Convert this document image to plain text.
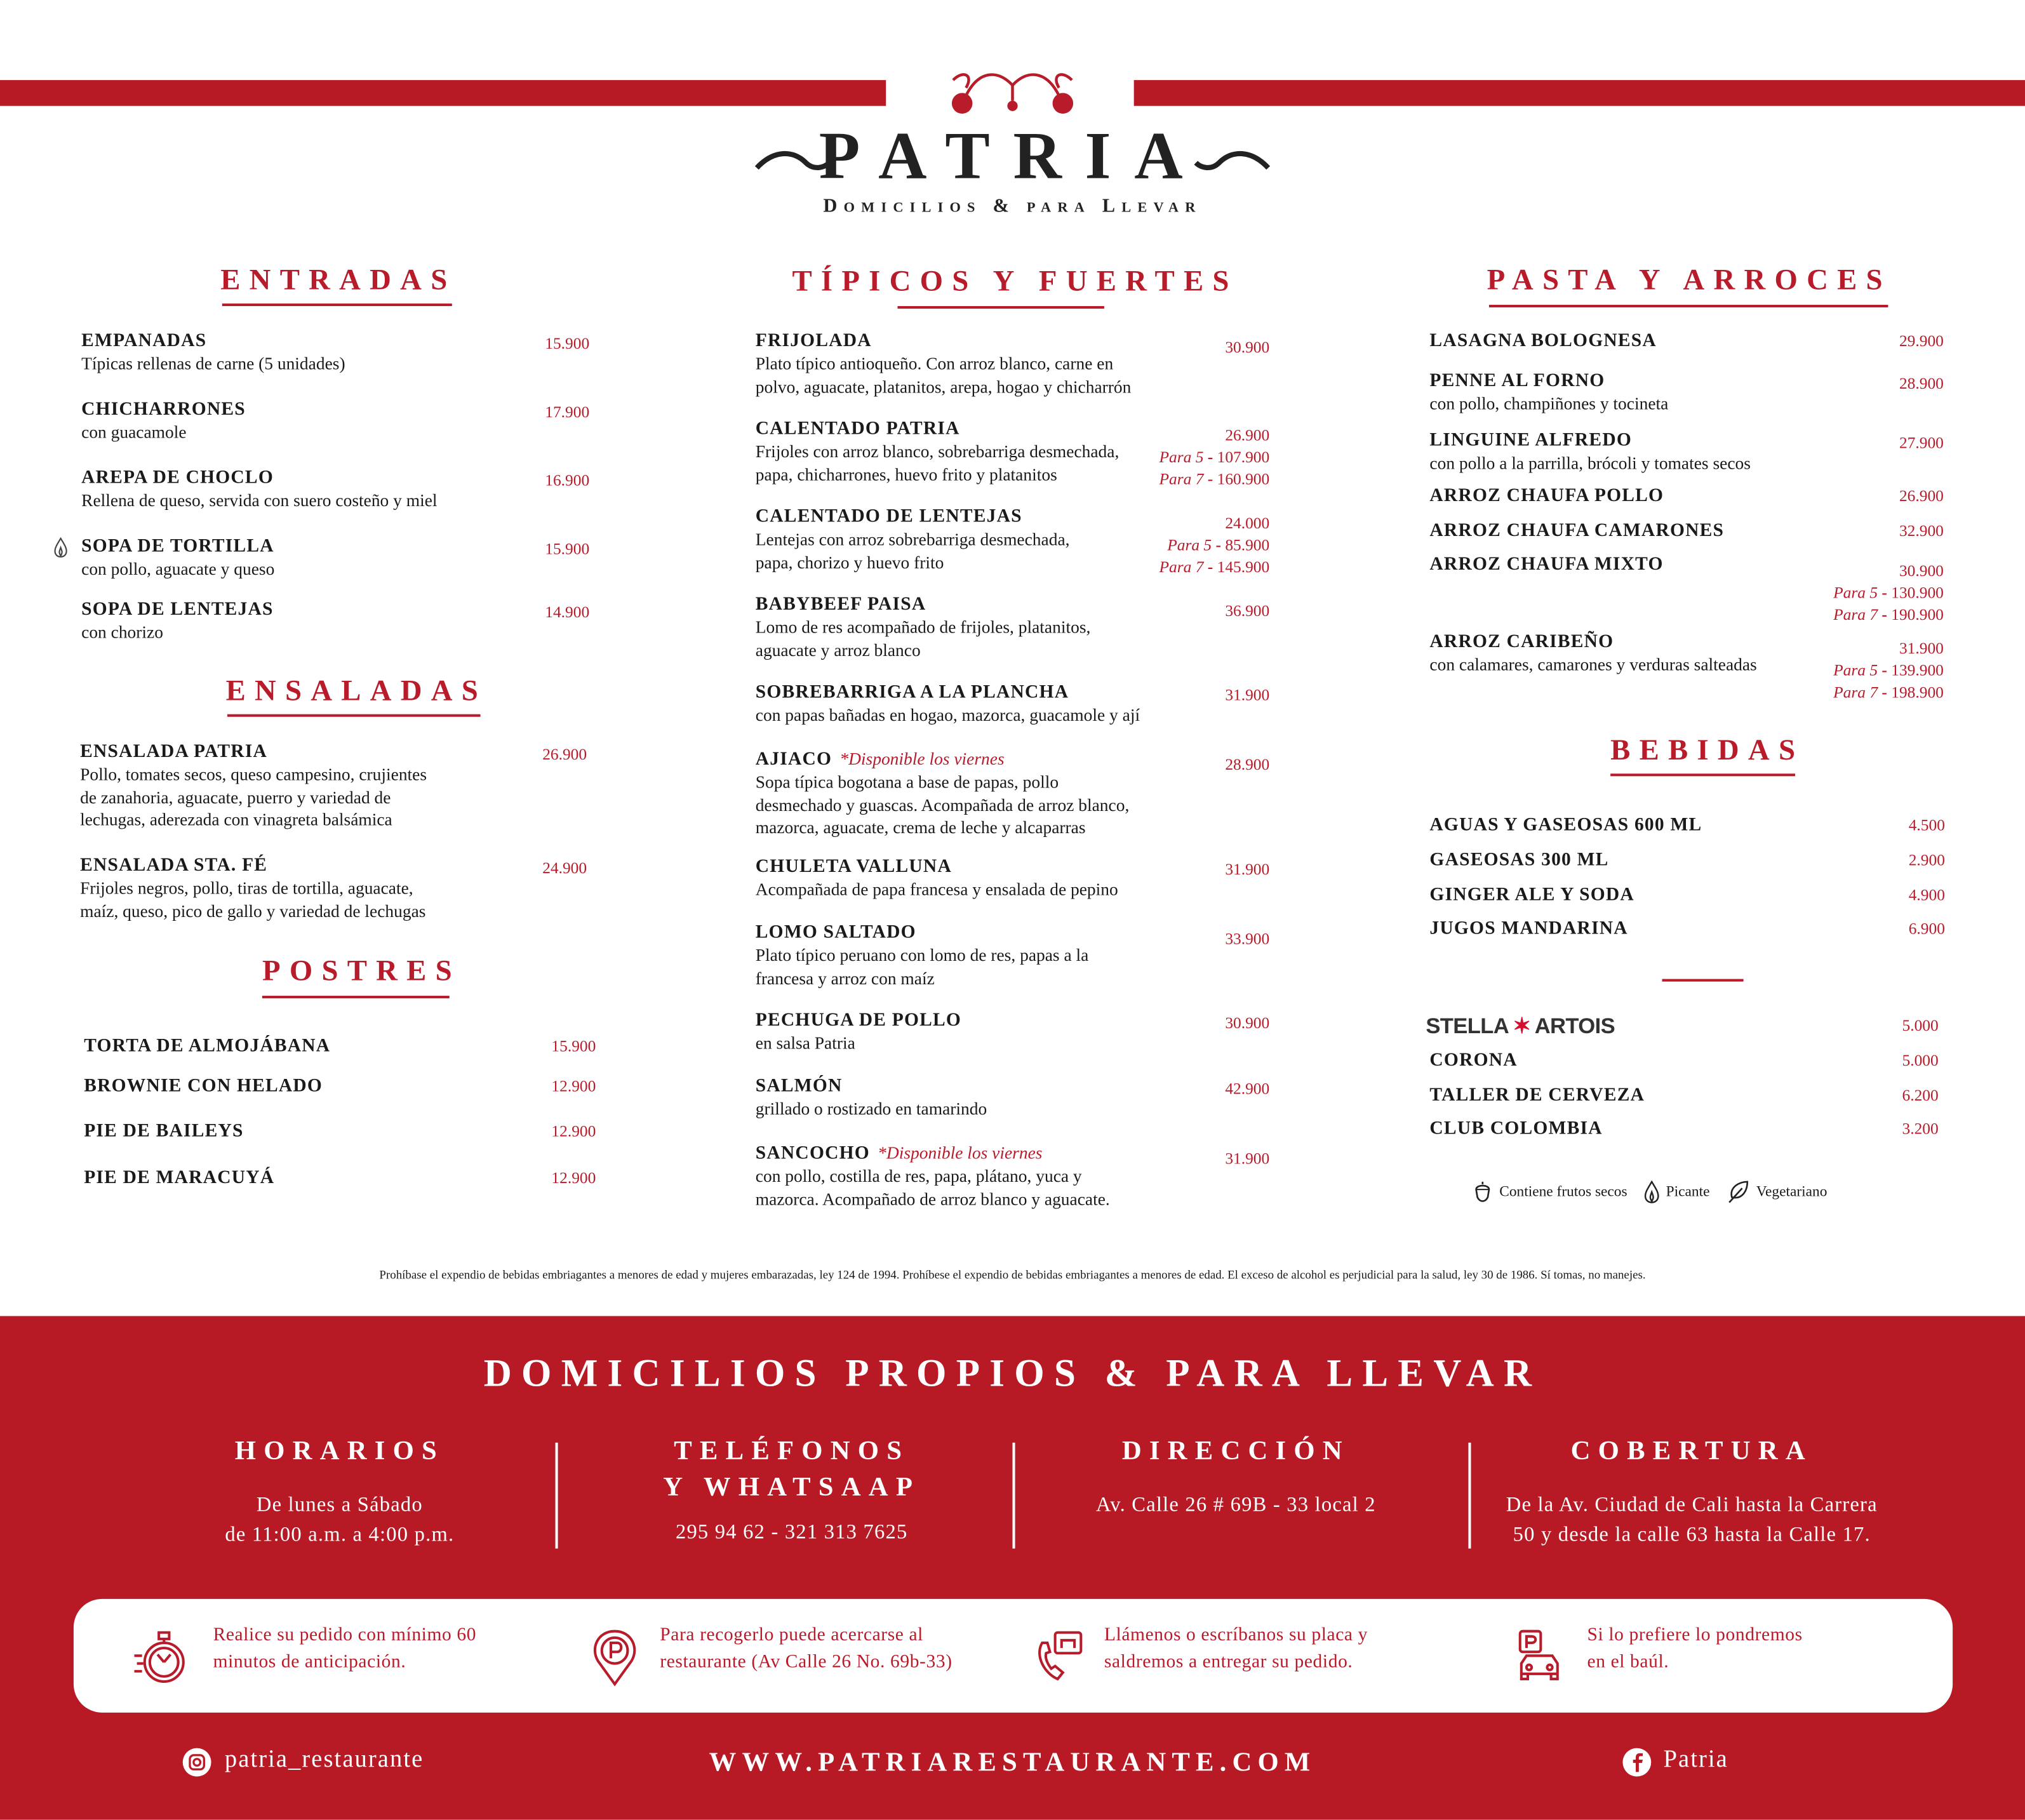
PATRIA
Domicilios & para Llevar
ENTRADAS
ENSALADAS
POSTRES
TÍPICOS Y FUERTES	PASTA Y ARROCES
BEBIDAS
EMPANADAS
Típicas rellenas de carne (5 unidades)
15.900
CHICHARRONES
con guacamole
17.900
AREPA DE CHOCLO
Rellena de queso, servida con suero costeño y miel
16.900
SOPA DE TORTILLA
con pollo, aguacate y queso
15.900
SOPA DE LENTEJAS
con chorizo
14.900
ENSALADA PATRIA
Pollo, tomates secos, queso campesino, crujientes
de zanahoria, aguacate, puerro y variedad de
lechugas, aderezada con vinagreta balsámica
26.900
ENSALADA STA. FÉ
Frijoles negros, pollo, tiras de tortilla, aguacate,
maíz, queso, pico de gallo y variedad de lechugas
24.900
TORTA DE ALMOJÁBANA	15.900
BROWNIE CON HELADO	12.900
PIE DE BAILEYS	12.900
PIE DE MARACUYÁ	12.900
FRIJOLADA
Plato típico antioqueño. Con arroz blanco, carne en
polvo, aguacate, platanitos, arepa, hogao y chicharrón
30.900
CALENTADO PATRIA
Frijoles con arroz blanco, sobrebarriga desmechada,
papa, chicharrones, huevo frito y platanitos
26.900
Para 5 - 107.900
Para 7 - 160.900
CALENTADO DE LENTEJAS
Lentejas con arroz sobrebarriga desmechada,
papa, chorizo y huevo frito
24.000
Para 5 - 85.900
Para 7 - 145.900
BABYBEEF PAISA
Lomo de res acompañado de frijoles, platanitos,
aguacate y arroz blanco
36.900
SOBREBARRIGA A LA PLANCHA
con papas bañadas en hogao, mazorca, guacamole y ají
31.900
AJIACO *Disponible los viernes
Sopa típica bogotana a base de papas, pollo
desmechado y guascas. Acompañada de arroz blanco,
mazorca, aguacate, crema de leche y alcaparras
28.900
CHULETA VALLUNA
Acompañada de papa francesa y ensalada de pepino
31.900
LOMO SALTADO
Plato típico peruano con lomo de res, papas a la
francesa y arroz con maíz
33.900
PECHUGA DE POLLO
en salsa Patria
30.900
SALMÓN
grillado o rostizado en tamarindo
42.900
SANCOCHO *Disponible los viernes
con pollo, costilla de res, papa, plátano, yuca y
mazorca. Acompañado de arroz blanco y aguacate.
31.900
LASAGNA BOLOGNESA	29.900
PENNE AL FORNO
con pollo, champiñones y tocineta
28.900
LINGUINE ALFREDO
con pollo a la parrilla, brócoli y tomates secos
27.900
ARROZ CHAUFA POLLO	26.900
ARROZ CHAUFA CAMARONES	32.900
ARROZ CHAUFA MIXTO	30.900
Para 5 - 130.900
Para 7 - 190.900
ARROZ CARIBEÑO
con calamares, camarones y verduras salteadas
31.900
Para 5 - 139.900
Para 7 - 198.900
AGUAS Y GASEOSAS 600 ML	4.500
GASEOSAS 300 ML	2.900
GINGER ALE Y SODA	4.900
JUGOS MANDARINA	6.900
STELLA ✶ ARTOIS	5.000
CORONA	5.000
TALLER DE CERVEZA	6.200
CLUB COLOMBIA	3.200
Contiene frutos secos	Picante	Vegetariano
Prohíbase el expendio de bebidas embriagantes a menores de edad y mujeres embarazadas, ley 124 de 1994. Prohíbese el expendio de bebidas embriagantes a menores de edad. El exceso de alcohol es perjudicial para la salud, ley 30 de 1986. Sí tomas, no manejes.
DOMICILIOS PROPIOS & PARA LLEVAR
HORARIOS
De lunes a Sábado
de 11:00 a.m. a 4:00 p.m.
TELÉFONOS
Y WHATSAAP
295 94 62 - 321 313 7625
DIRECCIÓN
Av. Calle 26 # 69B - 33 local 2
COBERTURA
De la Av. Ciudad de Cali hasta la Carrera
50 y desde la calle 63 hasta la Calle 17.
Realice su pedido con mínimo 60
minutos de anticipación.
Para recogerlo puede acercarse al
restaurante (Av Calle 26 No. 69b-33)
Llámenos o escríbanos su placa y
saldremos a entregar su pedido.
Si lo prefiere lo pondremos
en el baúl.
patria_restaurante	WWW.PATRIARESTAURANTE.COM	Patria
